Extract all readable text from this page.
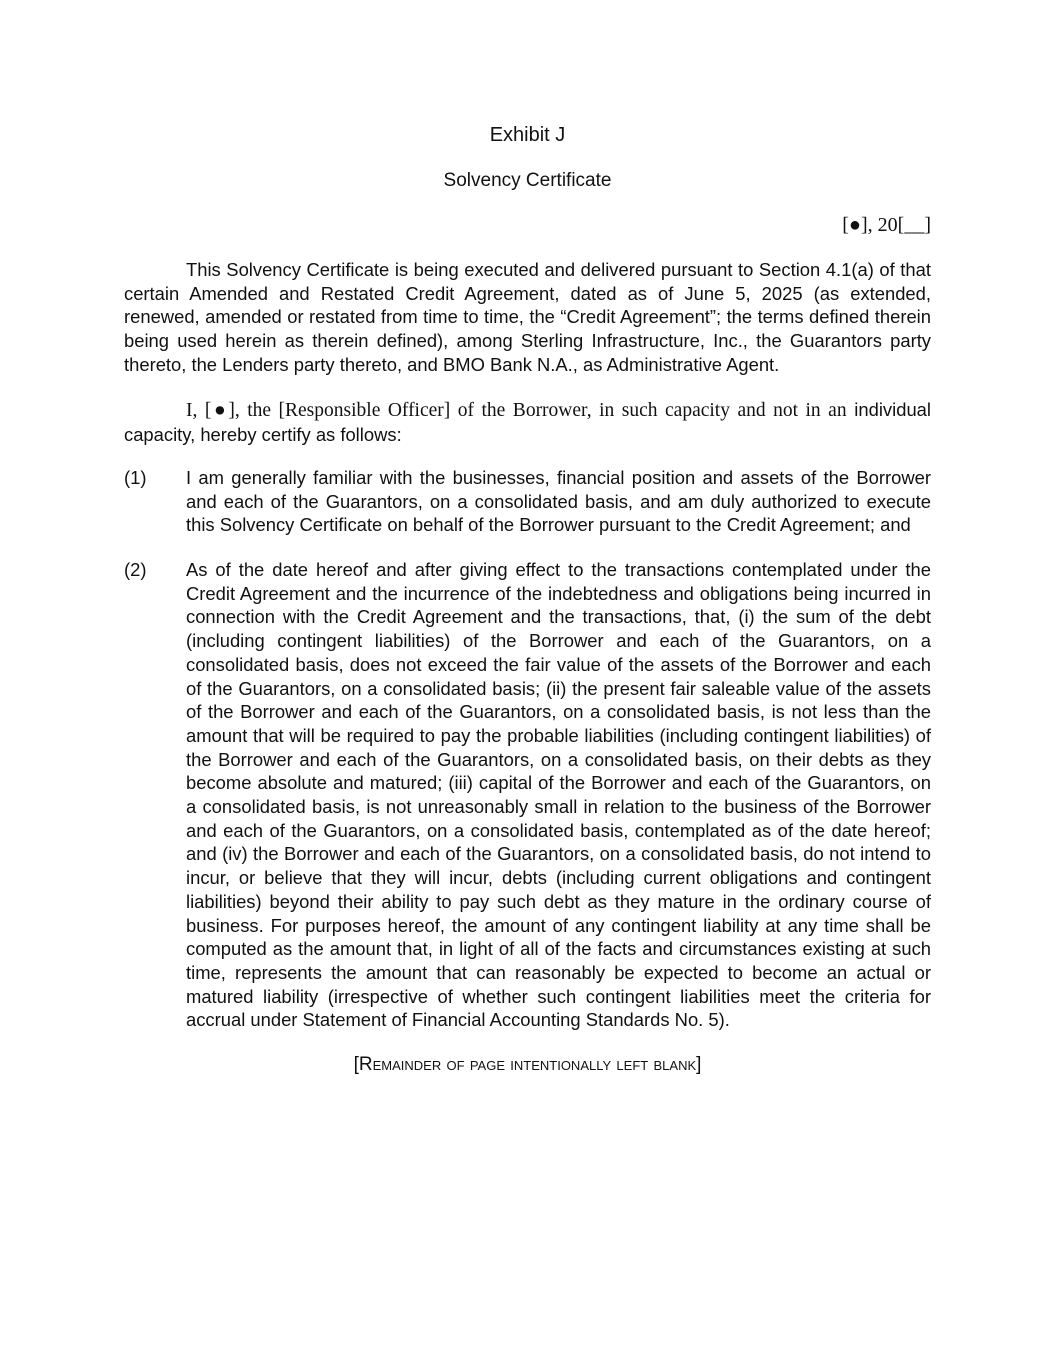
Exhibit J
Solvency Certificate
[●], 20[__]

This Solvency Certificate is being executed and delivered pursuant to Section 4.1(a) of that certain Amended and Restated Credit Agreement, dated as of June 5, 2025 (as extended, renewed, amended or restated from time to time, the “Credit Agreement”; the terms defined therein being used herein as therein defined), among Sterling Infrastructure, Inc., the Guarantors party thereto, the Lenders party thereto, and BMO Bank N.A., as Administrative Agent.

I, [●], the [Responsible Officer] of the Borrower, in such capacity and not in an individual capacity, hereby certify as follows:

(1) I am generally familiar with the businesses, financial position and assets of the Borrower and each of the Guarantors, on a consolidated basis, and am duly authorized to execute this Solvency Certificate on behalf of the Borrower pursuant to the Credit Agreement; and

(2) As of the date hereof and after giving effect to the transactions contemplated under the Credit Agreement and the incurrence of the indebtedness and obligations being incurred in connection with the Credit Agreement and the transactions, that, (i) the sum of the debt (including contingent liabilities) of the Borrower and each of the Guarantors, on a consolidated basis, does not exceed the fair value of the assets of the Borrower and each of the Guarantors, on a consolidated basis; (ii) the present fair saleable value of the assets of the Borrower and each of the Guarantors, on a consolidated basis, is not less than the amount that will be required to pay the probable liabilities (including contingent liabilities) of the Borrower and each of the Guarantors, on a consolidated basis, on their debts as they become absolute and matured; (iii) capital of the Borrower and each of the Guarantors, on a consolidated basis, is not unreasonably small in relation to the business of the Borrower and each of the Guarantors, on a consolidated basis, contemplated as of the date hereof; and (iv) the Borrower and each of the Guarantors, on a consolidated basis, do not intend to incur, or believe that they will incur, debts (including current obligations and contingent liabilities) beyond their ability to pay such debt as they mature in the ordinary course of business. For purposes hereof, the amount of any contingent liability at any time shall be computed as the amount that, in light of all of the facts and circumstances existing at such time, represents the amount that can reasonably be expected to become an actual or matured liability (irrespective of whether such contingent liabilities meet the criteria for accrual under Statement of Financial Accounting Standards No. 5).

[Remainder of page intentionally left blank]
